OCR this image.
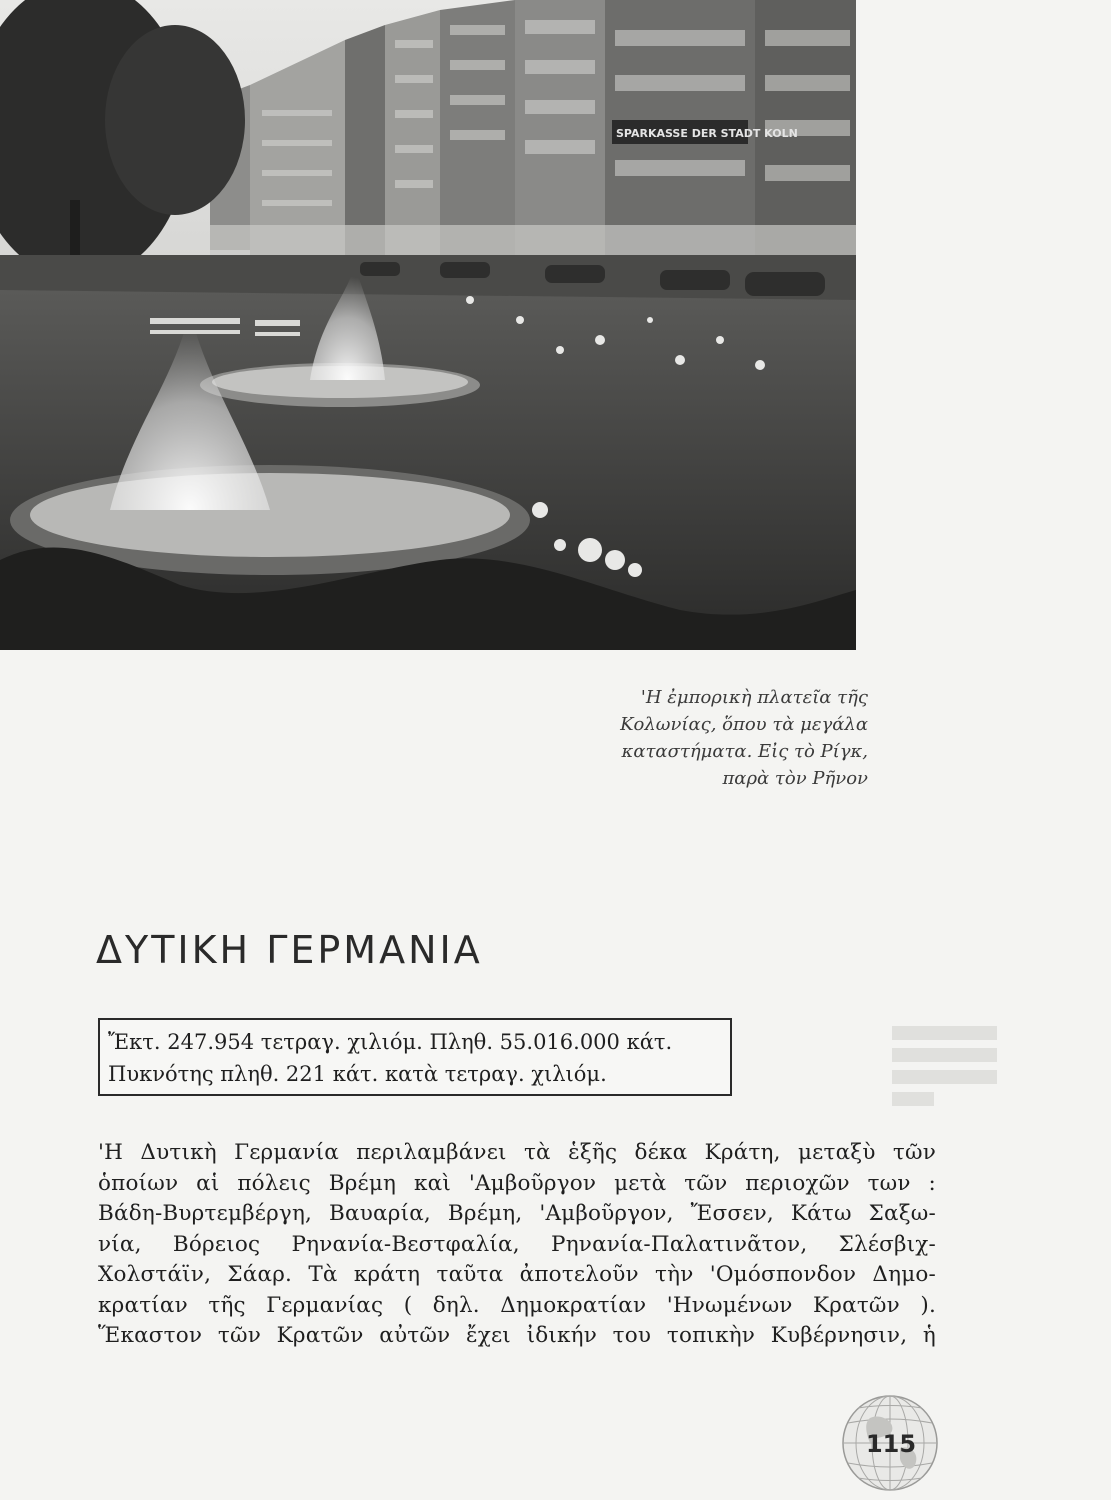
SPARKASSE DER STADT KOLN
'Η ἐμπορικὴ πλατεῖα τῆς
Κολωνίας, ὅπου τὰ μεγάλα
καταστήματα. Εἰς τὸ Ρίγκ,
παρὰ τὸν Ρῆνον
ΔΥΤΙΚΗ ΓΕΡΜΑΝΙΑ
Ἔκτ. 247.954 τετραγ. χιλιόμ. Πληθ. 55.016.000 κάτ.
Πυκνότης πληθ. 221 κάτ. κατὰ τετραγ. χιλιόμ.
'Η Δυτικὴ Γερμανία περιλαμβάνει τὰ ἑξῆς δέκα Κράτη, μεταξὺ τῶν
ὁποίων αἱ πόλεις Βρέμη καὶ 'Αμβοῦργον μετὰ τῶν περιοχῶν των :
Βάδη-Βυρτεμβέργη, Βαυαρία, Βρέμη, 'Αμβοῦργον, Ἔσσεν, Κάτω Σαξω-
νία, Βόρειος Ρηνανία-Βεστφαλία, Ρηνανία-Παλατινᾶτον, Σλέσβιχ-
Χολστάϊν, Σάαρ. Τὰ κράτη ταῦτα ἀποτελοῦν τὴν 'Ομόσπονδον Δημο-
κρατίαν τῆς Γερμανίας ( δηλ. Δημοκρατίαν 'Ηνωμένων Κρατῶν ).
Ἕκαστον τῶν Κρατῶν αὐτῶν ἔχει ἰδικήν του τοπικὴν Κυβέρνησιν, ἡ
115
